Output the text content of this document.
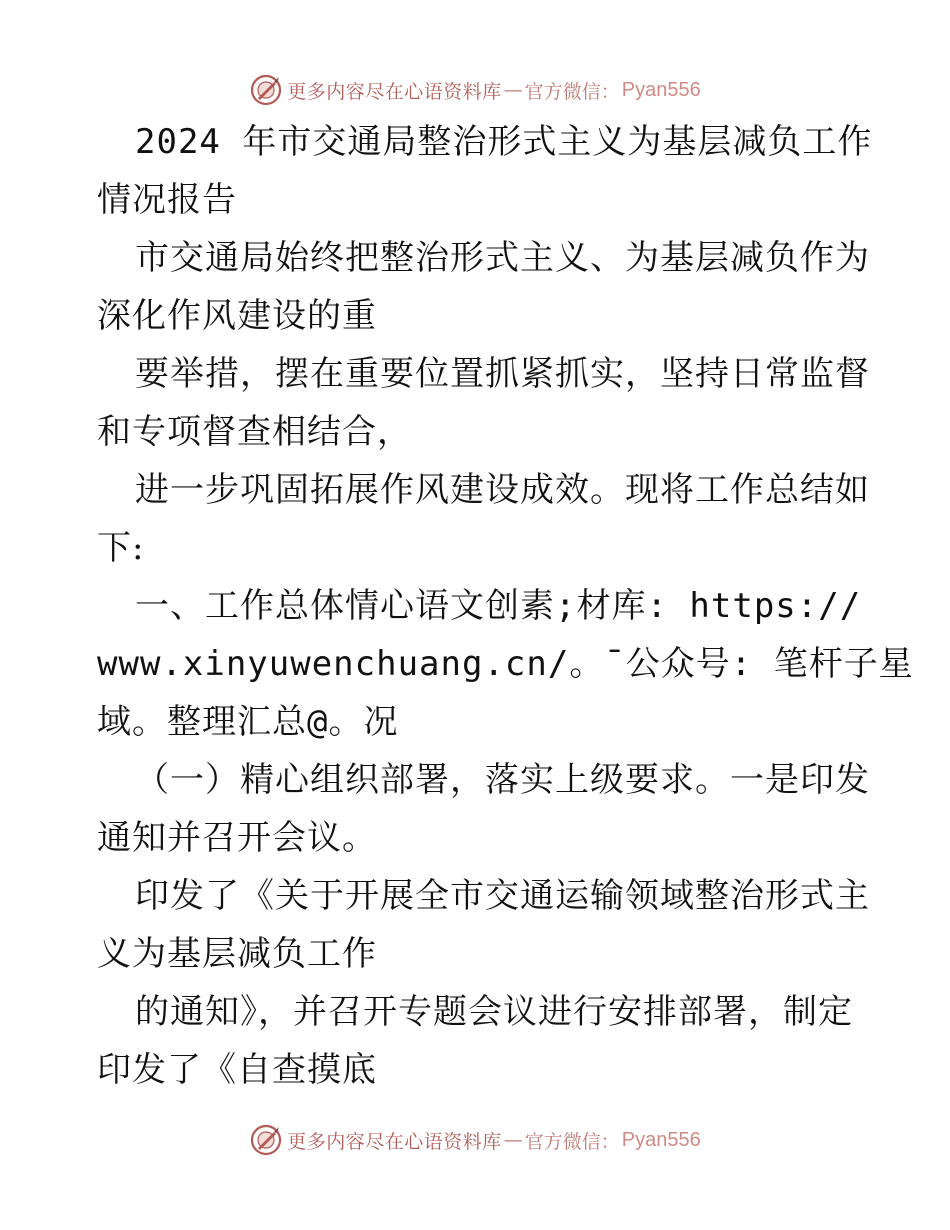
更多内容尽在心语资料库 — 官方微信： Pyan556
2024 年市交通局整治形式主义为基层减负工作
情况报告
市交通局始终把整治形式主义、为基层减负作为
深化作风建设的重
要举措，摆在重要位置抓紧抓实，坚持日常监督
和专项督查相结合，
进一步巩固拓展作风建设成效。现将工作总结如
下:
一、工作总体情心语文创素;材库: https://
www.xinyuwenchuang.cn/。¯公众号: 笔杆子星
域。整理汇总@。况
（一）精心组织部署，落实上级要求。一是印发
通知并召开会议。
印发了《关于开展全市交通运输领域整治形式主
义为基层减负工作
的通知》，并召开专题会议进行安排部署，制定
印发了《自查摸底
更多内容尽在心语资料库 — 官方微信： Pyan556
